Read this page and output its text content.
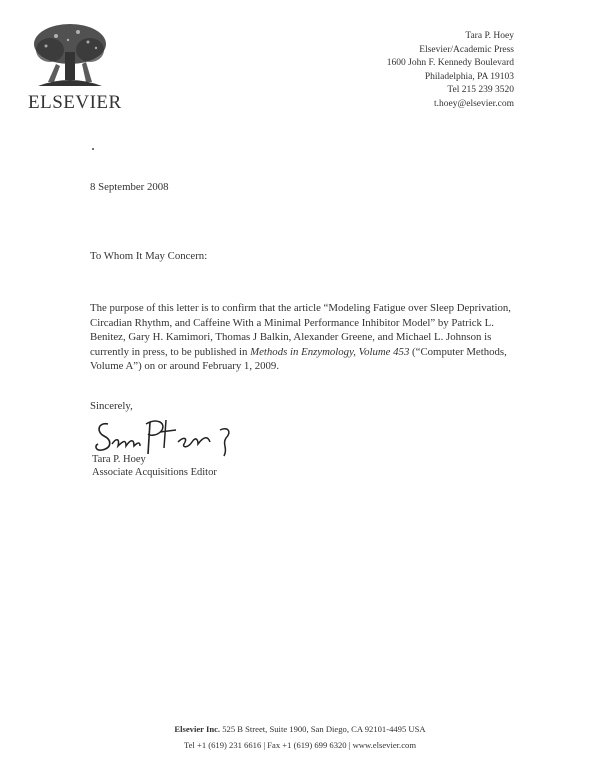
ELSEVIER
Tara P. Hoey
Elsevier/Academic Press
1600 John F. Kennedy Boulevard
Philadelphia, PA 19103
Tel 215 239 3520
t.hoey@elsevier.com
8 September 2008
To Whom It May Concern:

The purpose of this letter is to confirm that the article “Modeling Fatigue over Sleep Deprivation, Circadian Rhythm, and Caffeine With a Minimal Performance Inhibitor Model” by Patrick L. Benitez, Gary H. Kamimori, Thomas J Balkin, Alexander Greene, and Michael L. Johnson is currently in press, to be published in Methods in Enzymology, Volume 453 (“Computer Methods, Volume A”) on or around February 1, 2009.

Sincerely,
Tara P. Hoey
Associate Acquisitions Editor
Elsevier Inc. 525 B Street, Suite 1900, San Diego, CA 92101-4495 USA
Tel +1 (619) 231 6616 | Fax +1 (619) 699 6320 | www.elsevier.com
